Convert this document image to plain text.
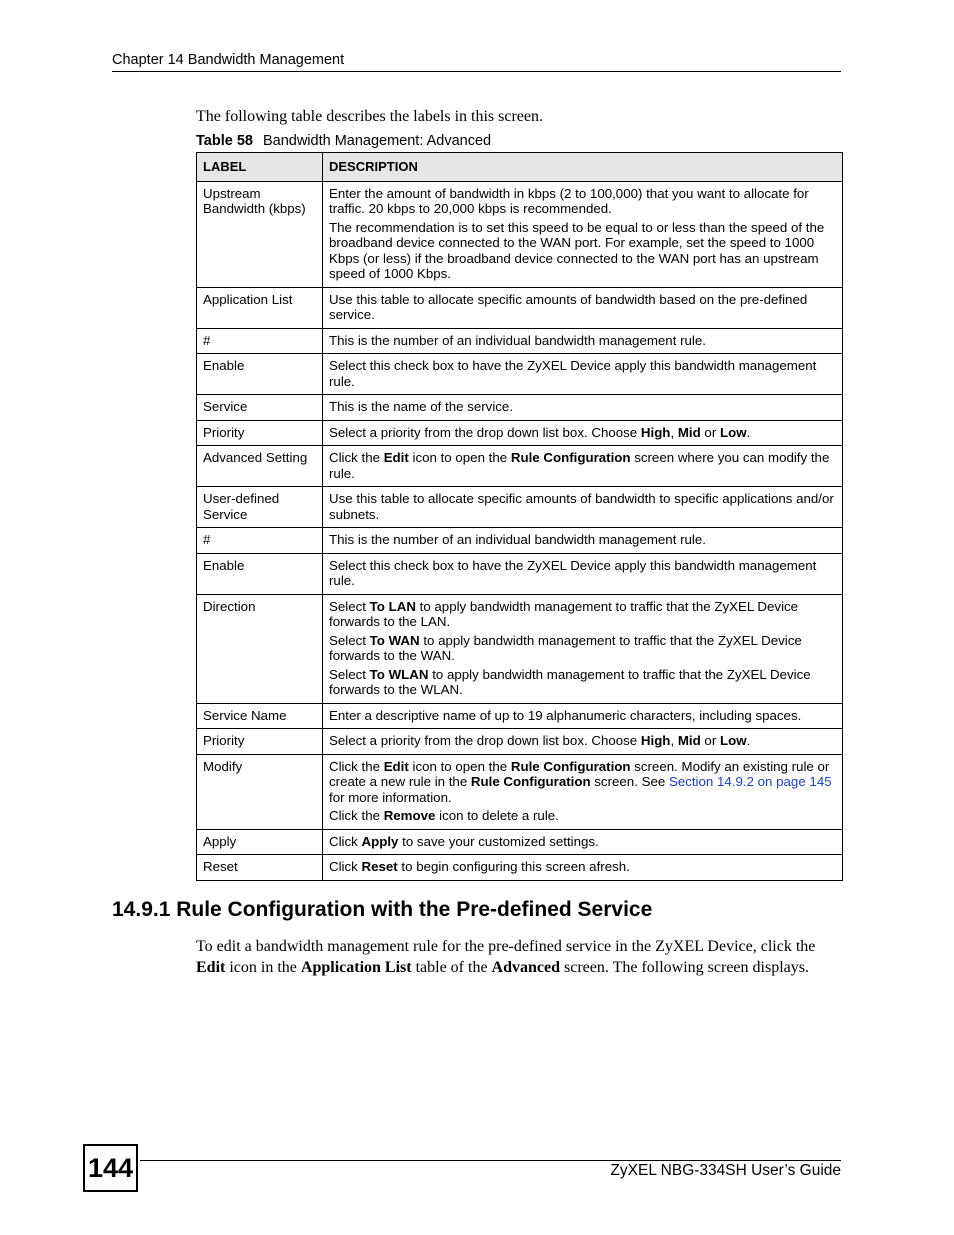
Chapter 14 Bandwidth Management
The following table describes the labels in this screen.
Table 58 Bandwidth Management: Advanced
LABEL	DESCRIPTION
Upstream Bandwidth (kbps)	Enter the amount of bandwidth in kbps (2 to 100,000) that you want to allocate for traffic. 20 kbps to 20,000 kbps is recommended.

The recommendation is to set this speed to be equal to or less than the speed of the broadband device connected to the WAN port. For example, set the speed to 1000 Kbps (or less) if the broadband device connected to the WAN port has an upstream speed of 1000 Kbps.

Application List	Use this table to allocate specific amounts of bandwidth based on the pre-defined service.
#	This is the number of an individual bandwidth management rule.
Enable	Select this check box to have the ZyXEL Device apply this bandwidth management rule.
Service	This is the name of the service.
Priority	Select a priority from the drop down list box. Choose High, Mid or Low.
Advanced Setting	Click the Edit icon to open the Rule Configuration screen where you can modify the rule.
User-defined Service	Use this table to allocate specific amounts of bandwidth to specific applications and/or subnets.
#	This is the number of an individual bandwidth management rule.
Enable	Select this check box to have the ZyXEL Device apply this bandwidth management rule.
Direction	Select To LAN to apply bandwidth management to traffic that the ZyXEL Device forwards to the LAN.

Select To WAN to apply bandwidth management to traffic that the ZyXEL Device forwards to the WAN.

Select To WLAN to apply bandwidth management to traffic that the ZyXEL Device forwards to the WLAN.

Service Name	Enter a descriptive name of up to 19 alphanumeric characters, including spaces.
Priority	Select a priority from the drop down list box. Choose High, Mid or Low.
Modify	Click the Edit icon to open the Rule Configuration screen. Modify an existing rule or create a new rule in the Rule Configuration screen. See Section 14.9.2 on page 145 for more information.

Click the Remove icon to delete a rule.

Apply	Click Apply to save your customized settings.
Reset	Click Reset to begin configuring this screen afresh.
14.9.1 Rule Configuration with the Pre-defined Service
To edit a bandwidth management rule for the pre-defined service in the ZyXEL Device, click the Edit icon in the Application List table of the Advanced screen. The following screen displays.
144	ZyXEL NBG-334SH User’s Guide
